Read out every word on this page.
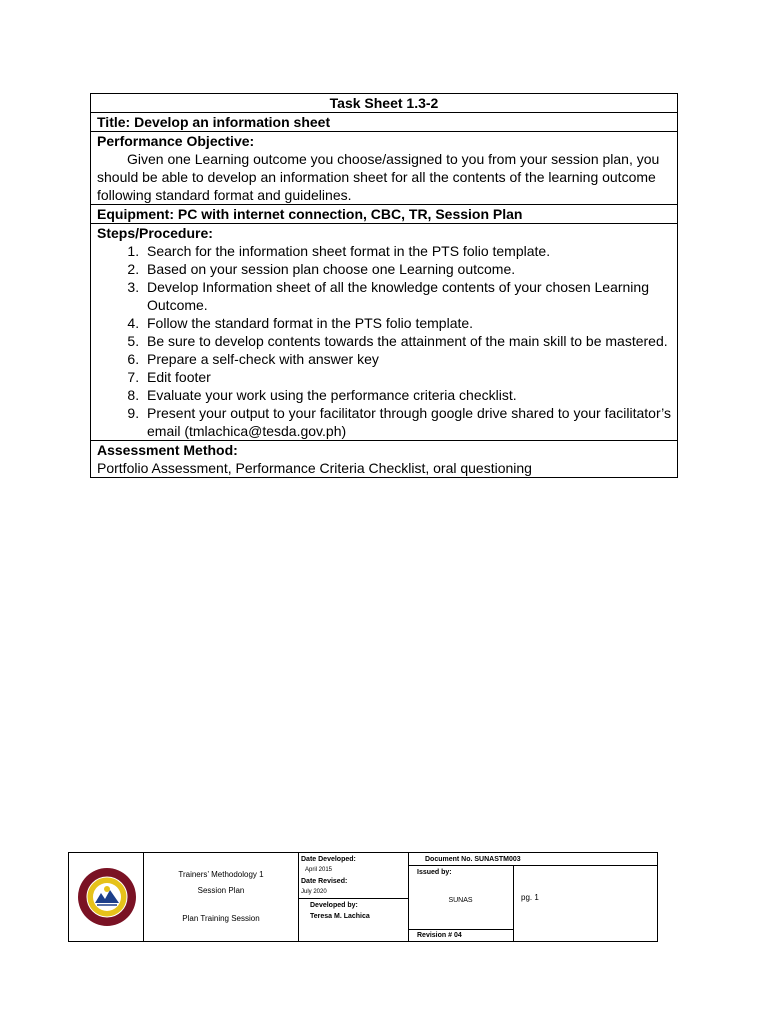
Task Sheet 1.3-2
Title: Develop an information sheet
Performance Objective:
Given one Learning outcome you choose/assigned to you from your session plan, you should be able to develop an information sheet for all the contents of the learning outcome following standard format and guidelines.
Equipment: PC with internet connection, CBC, TR, Session Plan
Steps/Procedure:
1. Search for the information sheet format in the PTS folio template.
2. Based on your session plan choose one Learning outcome.
3. Develop Information sheet of all the knowledge contents of your chosen Learning Outcome.
4. Follow the standard format in the PTS folio template.
5. Be sure to develop contents towards the attainment of the main skill to be mastered.
6. Prepare a self-check with answer key
7. Edit footer
8. Evaluate your work using the performance criteria checklist.
9. Present your output to your facilitator through google drive shared to your facilitator’s email (tmlachica@tesda.gov.ph)
Assessment Method:
Portfolio Assessment, Performance Criteria Checklist, oral questioning
Trainers’ Methodology 1
Session Plan
Plan Training Session
Date Developed:
April 2015
Date Revised:
July 2020
Developed by:
Teresa M. Lachica
Document No. SUNASTM003
Issued by:
SUNAS	pg. 1
Revision # 04
